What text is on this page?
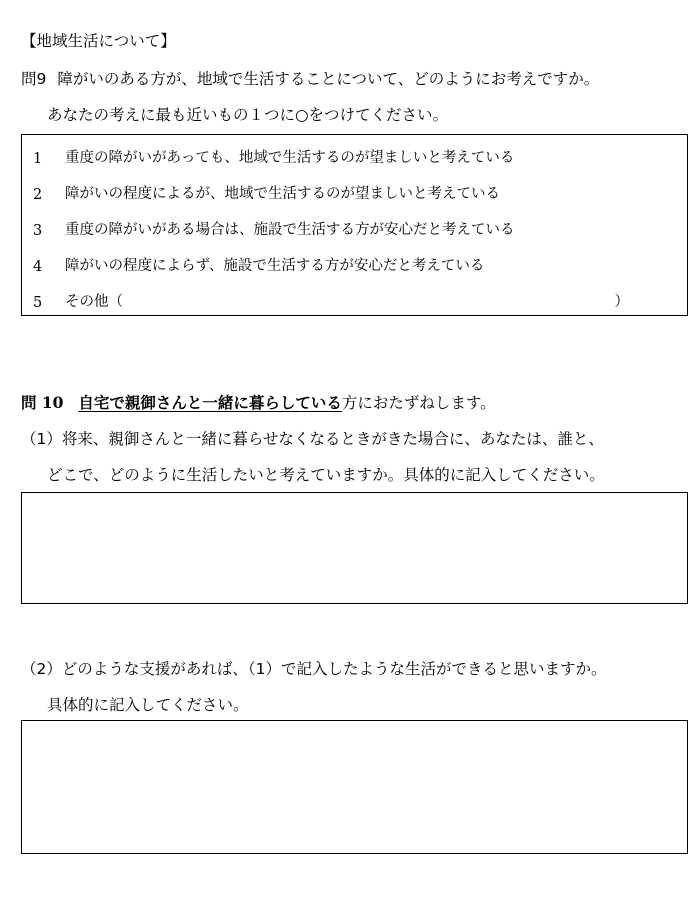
【地域生活について】
問9 障がいのある方が、地域で生活することについて、どのようにお考えですか。
あなたの考えに最も近いもの１つに○をつけてください。
1 重度の障がいがあっても、地域で生活するのが望ましいと考えている
2 障がいの程度によるが、地域で生活するのが望ましいと考えている
3 重度の障がいがある場合は、施設で生活する方が安心だと考えている
4 障がいの程度によらず、施設で生活する方が安心だと考えている
5 その他（	）
問 10 自宅で親御さんと一緒に暮らしている方におたずねします。
（1）将来、親御さんと一緒に暮らせなくなるときがきた場合に、あなたは、誰と、
どこで、どのように生活したいと考えていますか。具体的に記入してください。
（2）どのような支援があれば、（1）で記入したような生活ができると思いますか。
具体的に記入してください。
